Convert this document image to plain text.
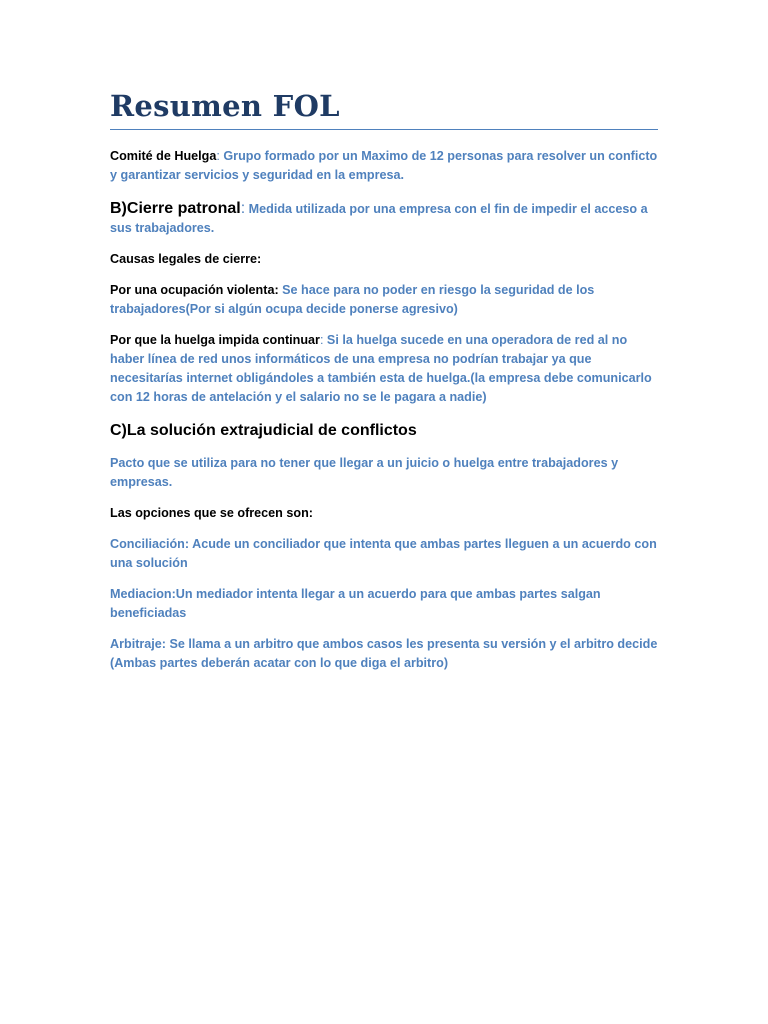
Resumen FOL

Comité de Huelga: Grupo formado por un Maximo de 12 personas para resolver un conficto y garantizar servicios y seguridad en la empresa.

B)Cierre patronal: Medida utilizada por una empresa con el fin de impedir el acceso a sus trabajadores.

Causas legales de cierre:

Por una ocupación violenta: Se hace para no poder en riesgo la seguridad de los trabajadores(Por si algún ocupa decide ponerse agresivo)

Por que la huelga impida continuar: Si la huelga sucede en una operadora de red al no haber línea de red unos informáticos de una empresa no podrían trabajar ya que necesitarías internet obligándoles a también esta de huelga.(la empresa debe comunicarlo con 12 horas de antelación y el salario no se le pagara a nadie)

C)La solución extrajudicial de conflictos

Pacto que se utiliza para no tener que llegar a un juicio o huelga entre trabajadores y empresas.

Las opciones que se ofrecen son:

Conciliación: Acude un conciliador que intenta que ambas partes lleguen a un acuerdo con una solución

Mediacion:Un mediador intenta llegar a un acuerdo para que ambas partes salgan beneficiadas

Arbitraje: Se llama a un arbitro que ambos casos les presenta su versión y el arbitro decide (Ambas partes deberán acatar con lo que diga el arbitro)
